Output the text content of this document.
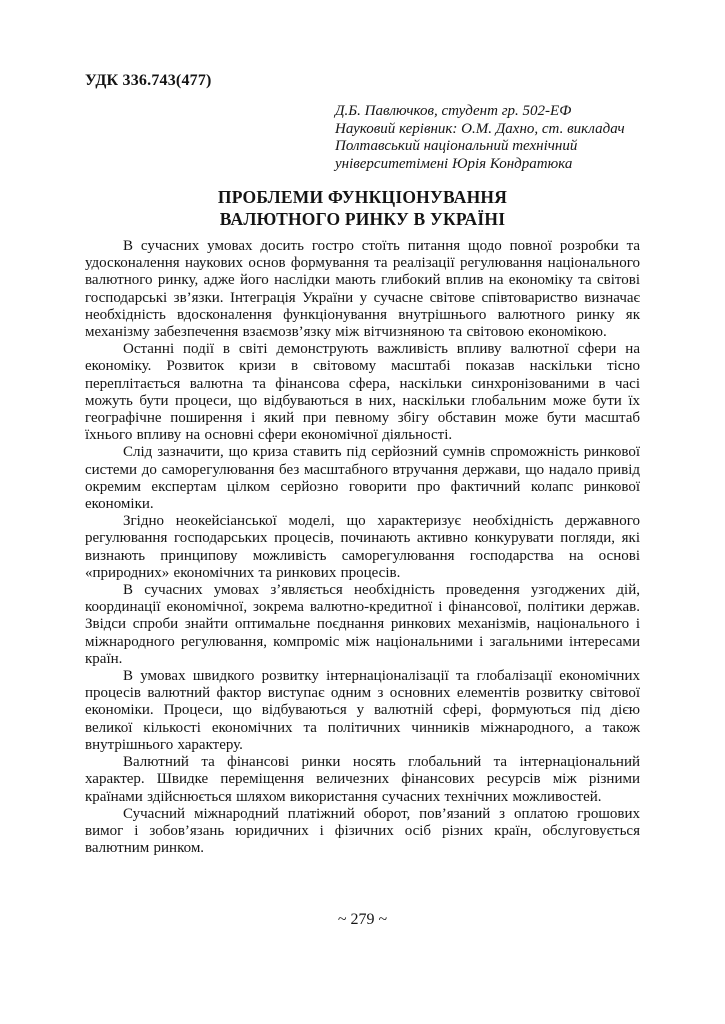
УДК 336.743(477)
Д.Б. Павлючков, студент гр. 502-ЕФ
Науковий керівник: О.М. Дахно, ст. викладач
Полтавський національний технічний
університетімені Юрія Кондратюка
ПРОБЛЕМИ ФУНКЦІОНУВАННЯ
ВАЛЮТНОГО РИНКУ В УКРАЇНІ

В сучасних умовах досить гостро стоїть питання щодо повної розробки та удосконалення наукових основ формування та реалізації регулювання національного валютного ринку, адже його наслідки мають глибокий вплив на економіку та світові господарські зв’язки. Інтеграція України у сучасне світове співтовариство визначає необхідність вдосконалення функціонування внутрішнього валютного ринку як механізму забезпечення взаємозв’язку між вітчизняною та світовою економікою.

Останні події в світі демонструють важливість впливу валютної сфери на економіку. Розвиток кризи в світовому масштабі показав наскільки тісно переплітається валютна та фінансова сфера, наскільки синхронізованими в часі можуть бути процеси, що відбуваються в них, наскільки глобальним може бути їх географічне поширення і який при певному збігу обставин може бути масштаб їхнього впливу на основні сфери економічної діяльності.

Слід зазначити, що криза ставить під серйозний сумнів спроможність ринкової системи до саморегулювання без масштабного втручання держави, що надало привід окремим експертам цілком серйозно говорити про фактичний колапс ринкової економіки.

Згідно неокейсіанської моделі, що характеризує необхідність державного регулювання господарських процесів, починають активно конкурувати погляди, які визнають принципову можливість саморегулювання господарства на основі «природних» економічних та ринкових процесів.

В сучасних умовах з’являється необхідність проведення узгоджених дій, координації економічної, зокрема валютно-кредитної і фінансової, політики держав. Звідси спроби знайти оптимальне поєднання ринкових механізмів, національного і міжнародного регулювання, компроміс між національними і загальними інтересами країн.

В умовах швидкого розвитку інтернаціоналізації та глобалізації економічних процесів валютний фактор виступає одним з основних елементів розвитку світової економіки. Процеси, що відбуваються у валютній сфері, формуються під дією великої кількості економічних та політичних чинників міжнародного, а також внутрішнього характеру.

Валютний та фінансові ринки носять глобальний та інтернаціональний характер. Швидке переміщення величезних фінансових ресурсів між різними країнами здійснюється шляхом використання сучасних технічних можливостей.

Сучасний міжнародний платіжний оборот, пов’язаний з оплатою грошових вимог і зобов’язань юридичних і фізичних осіб різних країн, обслуговується валютним ринком.

~ 279 ~
